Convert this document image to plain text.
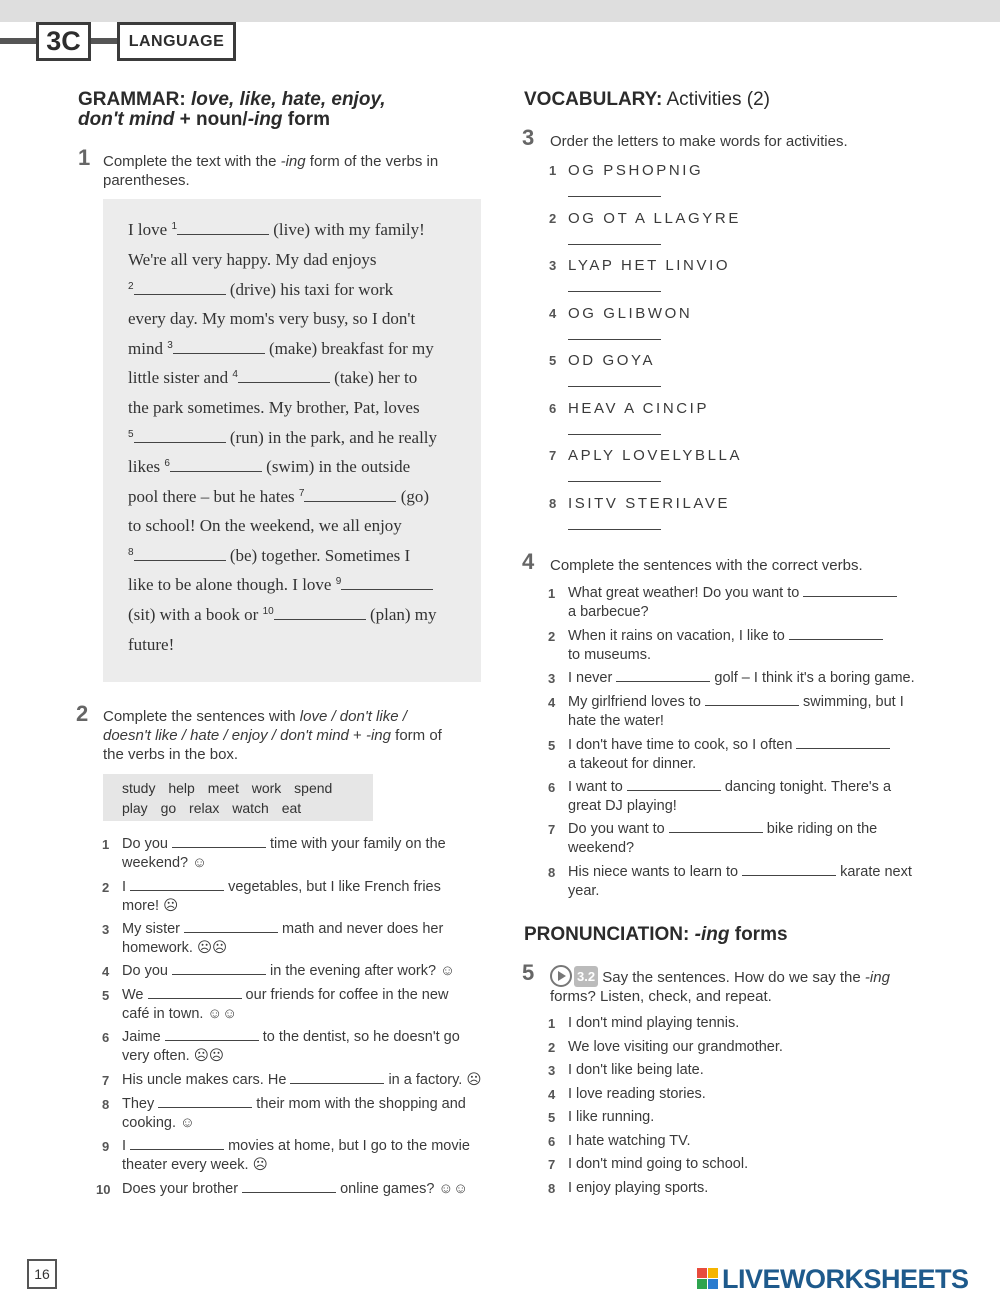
3C	LANGUAGE
GRAMMAR: love, like, hate, enjoy,
don't mind + noun/-ing form
1 Complete the text with the -ing form of the verbs in
parentheses.
I love $^1$	(live) with my family!
We're all very happy. My dad enjoys
$^2$	(drive) his taxi for work
every day. My mom's very busy, so I don't
mind $^3$	(make) breakfast for my
little sister and $^4$	(take) her to
the park sometimes. My brother, Pat, loves
$^5$	(run) in the park, and he really
likes $^6$	(swim) in the outside
pool there – but he hates $^7$	(go)
to school! On the weekend, we all enjoy
$^8$	(be) together. Sometimes I
like to be alone though. I love $^9$
(sit) with a book or $^{10}$	(plan) my
future!
2 Complete the sentences with love / don't like /
doesn't like / hate / enjoy / don't mind + -ing form of
the verbs in the box.
study help meet work spend
play go relax watch eat
1 Do you	time with your family on the
weekend? ☺
2 I	vegetables, but I like French fries
more! ☹
3 My sister	math and never does her
homework. ☹☹
4 Do you	in the evening after work? ☺
5 We	our friends for coffee in the new
café in town. ☺☺
6 Jaime	to the dentist, so he doesn't go
very often. ☹☹
7 His uncle makes cars. He	in a factory. ☹
8 They	their mom with the shopping and
cooking. ☺
9 I	movies at home, but I go to the movie
theater every week. ☹
10 Does your brother	online games? ☺☺
VOCABULARY: Activities (2)
3 Order the letters to make words for activities.
1 OG PSHOPNIG
2 OG OT A LLAGYRE
3 LYAP HET LINVIO
4 OG GLIBWON
5 OD GOYA
6 HEAV A CINCIP
7 APLY LOVELYBLLA
8 ISITV STERILAVE
4 Complete the sentences with the correct verbs.
1 What great weather! Do you want to
a barbecue?
2 When it rains on vacation, I like to
to museums.
3 I never	golf – I think it's a boring game.
4 My girlfriend loves to	swimming, but I
hate the water!
5 I don't have time to cook, so I often
a takeout for dinner.
6 I want to	dancing tonight. There's a
great DJ playing!
7 Do you want to	bike riding on the
weekend?
8 His niece wants to learn to	karate next
year.
PRONUNCIATION: -ing forms
5	3.2 Say the sentences. How do we say the -ing
forms? Listen, check, and repeat.
1 I don't mind playing tennis.
2 We love visiting our grandmother.
3 I don't like being late.
4 I love reading stories.
5 I like running.
6 I hate watching TV.
7 I don't mind going to school.
8 I enjoy playing sports.
16	LIVEWORKSHEETS
